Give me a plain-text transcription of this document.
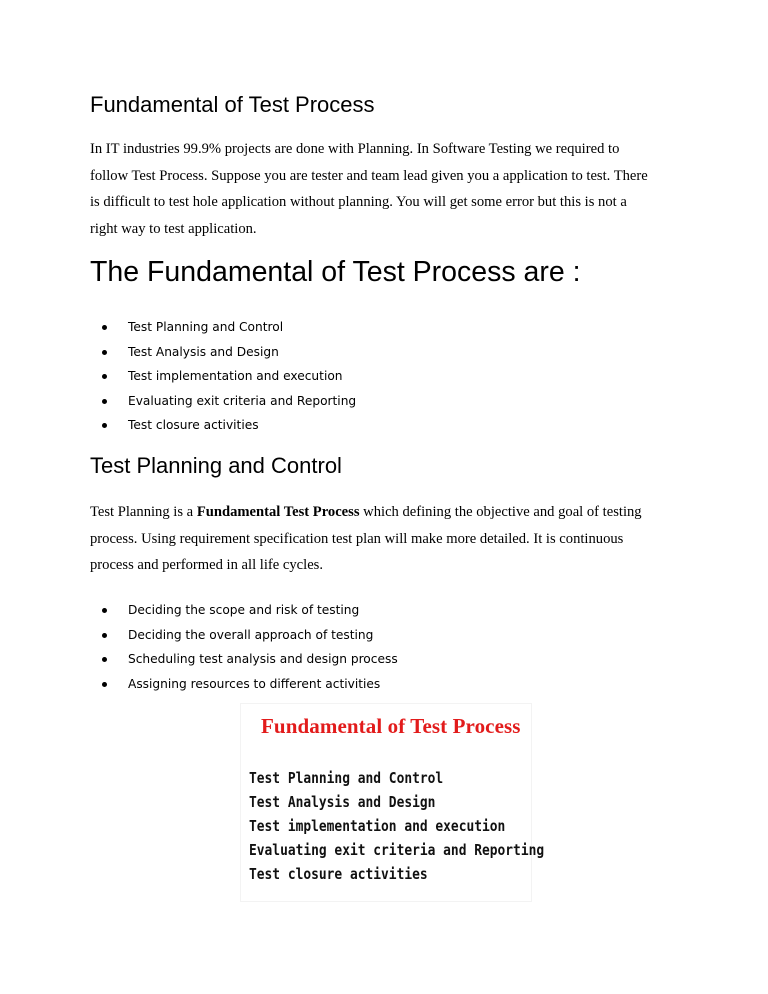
Fundamental of Test Process

In IT industries 99.9% projects are done with Planning. In Software Testing we required to
follow Test Process. Suppose you are tester and team lead given you a application to test. There
is difficult to test hole application without planning. You will get some error but this is not a
right way to test application.

The Fundamental of Test Process are :
Test Planning and Control
Test Analysis and Design
Test implementation and execution
Evaluating exit criteria and Reporting
Test closure activities
Test Planning and Control

Test Planning is a Fundamental Test Process which defining the objective and goal of testing
process. Using requirement specification test plan will make more detailed. It is continuous
process and performed in all life cycles.

Deciding the scope and risk of testing
Deciding the overall approach of testing
Scheduling test analysis and design process
Assigning resources to different activities
Fundamental of Test Process
Test Planning and Control
Test Analysis and Design
Test implementation and execution
Evaluating exit criteria and Reporting
Test closure activities
